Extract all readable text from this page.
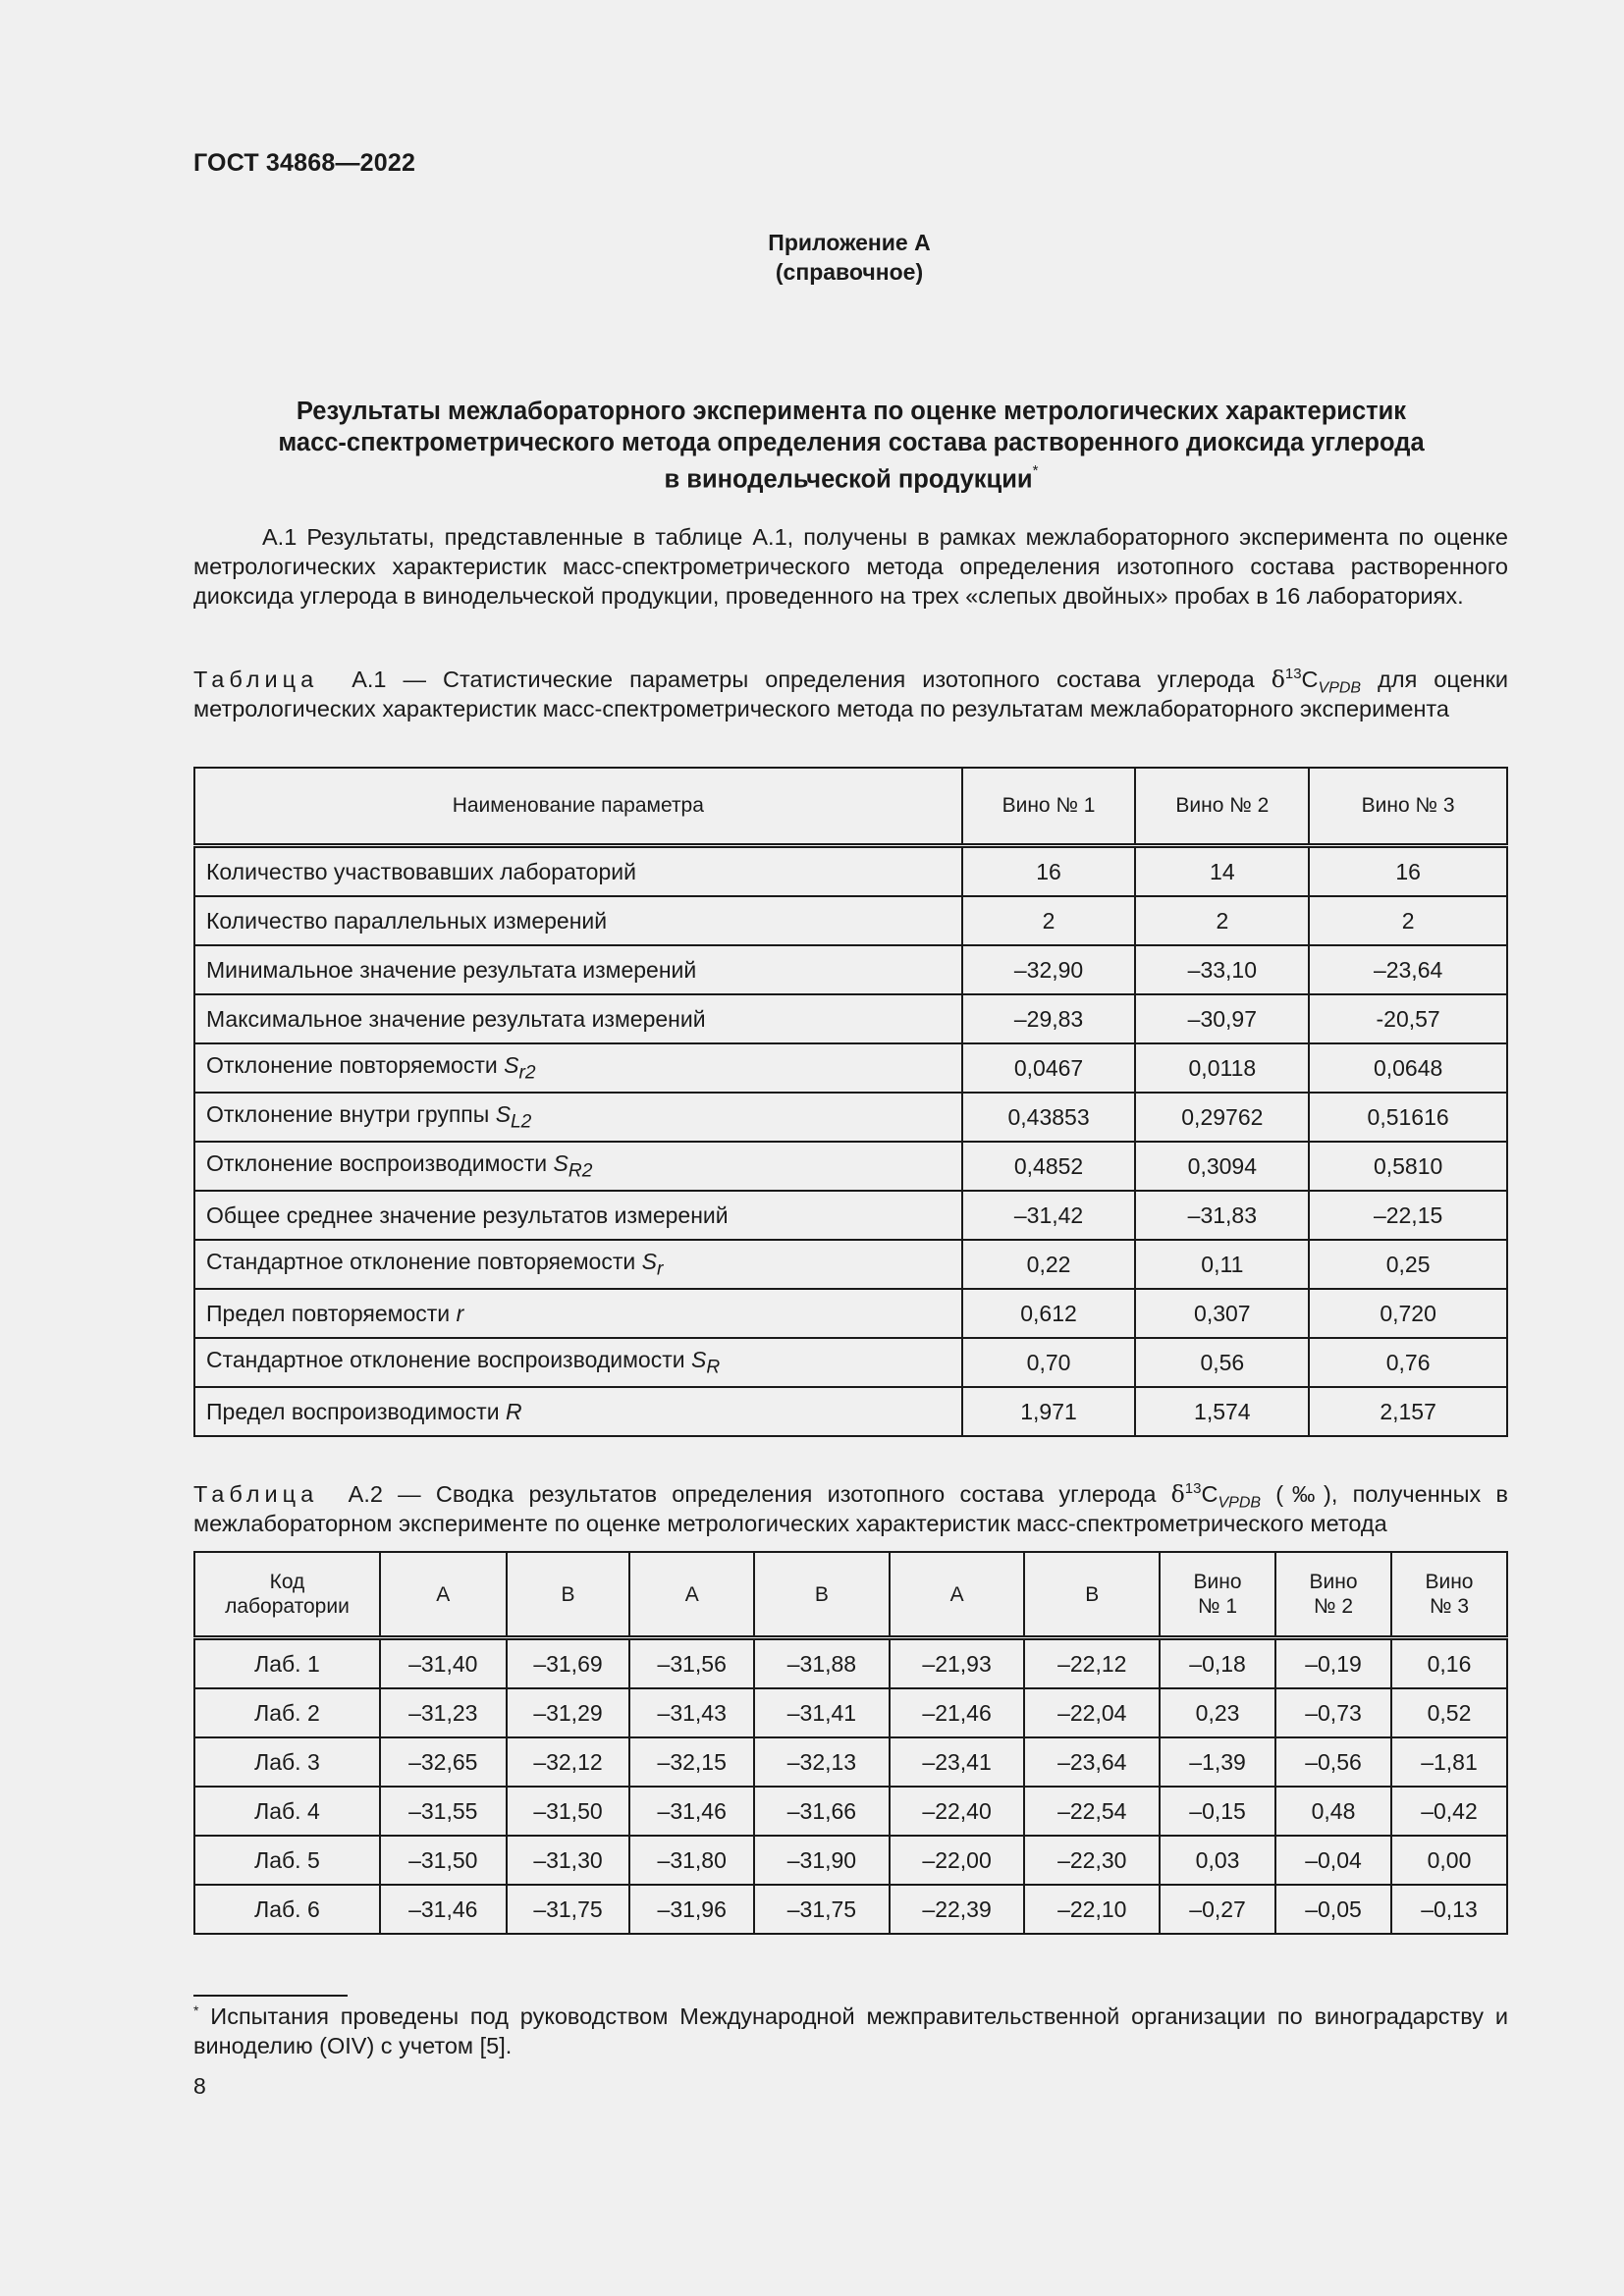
ГОСТ 34868—2022
Приложение А
(справочное)
Результаты межлабораторного эксперимента по оценке метрологических характеристик
масс-спектрометрического метода определения состава растворенного диоксида углерода
в винодельческой продукции*
А.1 Результаты, представленные в таблице А.1, получены в рамках межлабораторного эксперимента по оценке метрологических характеристик масс-спектрометрического метода определения изотопного состава растворенного диоксида углерода в винодельческой продукции, проведенного на трех «слепых двойных» пробах в 16 лабораториях.
Таблица А.1 — Статистические параметры определения изотопного состава углерода $\delta^{13}C_{VPDB}$ для оценки метрологических характеристик масс-спектрометрического метода по результатам межлабораторного эксперимента
Наименование параметра	Вино № 1	Вино № 2	Вино № 3
Количество участвовавших лабораторий	16	14	16
Количество параллельных измерений	2	2	2
Минимальное значение результата измерений	–32,90	–33,10	–23,64
Максимальное значение результата измерений	–29,83	–30,97	-20,57
Отклонение повторяемости $S_{r2}$	0,0467	0,0118	0,0648
Отклонение внутри группы $S_{L2}$	0,43853	0,29762	0,51616
Отклонение воспроизводимости $S_{R2}$	0,4852	0,3094	0,5810
Общее среднее значение результатов измерений	–31,42	–31,83	–22,15
Стандартное отклонение повторяемости $S_r$	0,22	0,11	0,25
Предел повторяемости r	0,612	0,307	0,720
Стандартное отклонение воспроизводимости $S_R$	0,70	0,56	0,76
Предел воспроизводимости R	1,971	1,574	2,157
Таблица А.2 — Сводка результатов определения изотопного состава углерода $\delta^{13}C_{VPDB}$ (‰), полученных в межлабораторном эксперименте по оценке метрологических характеристик масс-спектрометрического метода
Код лаборатории	А	В	А	В	А	В	Вино № 1	Вино № 2	Вино № 3
Лаб. 1	–31,40	–31,69	–31,56	–31,88	–21,93	–22,12	–0,18	–0,19	0,16
Лаб. 2	–31,23	–31,29	–31,43	–31,41	–21,46	–22,04	0,23	–0,73	0,52
Лаб. 3	–32,65	–32,12	–32,15	–32,13	–23,41	–23,64	–1,39	–0,56	–1,81
Лаб. 4	–31,55	–31,50	–31,46	–31,66	–22,40	–22,54	–0,15	0,48	–0,42
Лаб. 5	–31,50	–31,30	–31,80	–31,90	–22,00	–22,30	0,03	–0,04	0,00
Лаб. 6	–31,46	–31,75	–31,96	–31,75	–22,39	–22,10	–0,27	–0,05	–0,13
* Испытания проведены под руководством Международной межправительственной организации по виноградарству и виноделию (OIV) с учетом [5].
8
